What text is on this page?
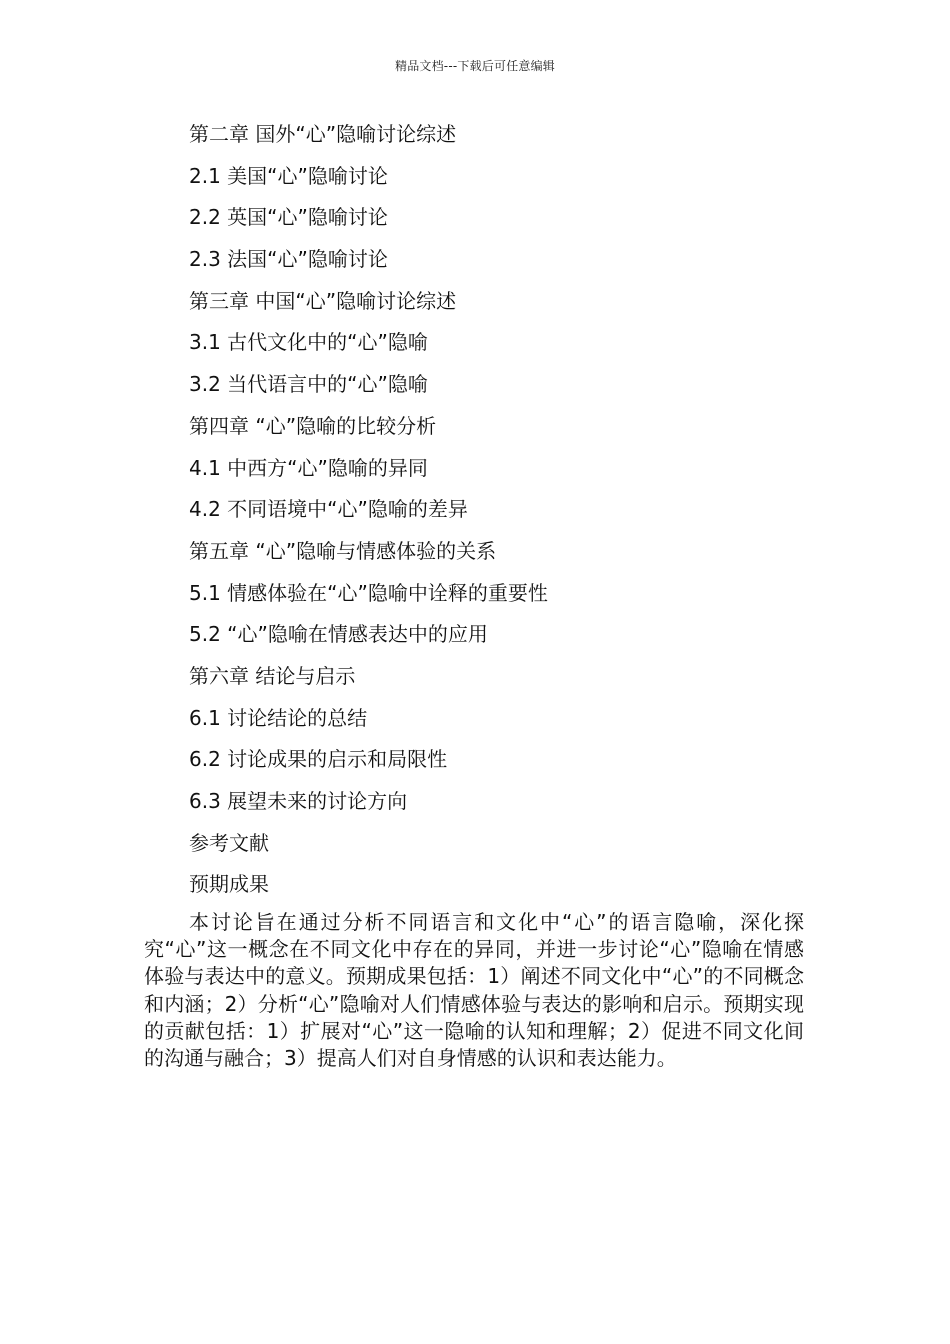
精品文档---下载后可任意编辑
第二章 国外“心”隐喻讨论综述
2.1 美国“心”隐喻讨论
2.2 英国“心”隐喻讨论
2.3 法国“心”隐喻讨论
第三章 中国“心”隐喻讨论综述
3.1 古代文化中的“心”隐喻
3.2 当代语言中的“心”隐喻
第四章 “心”隐喻的比较分析
4.1 中西方“心”隐喻的异同
4.2 不同语境中“心”隐喻的差异
第五章 “心”隐喻与情感体验的关系
5.1 情感体验在“心”隐喻中诠释的重要性
5.2 “心”隐喻在情感表达中的应用
第六章 结论与启示
6.1 讨论结论的总结
6.2 讨论成果的启示和局限性
6.3 展望未来的讨论方向
参考文献
预期成果

本讨论旨在通过分析不同语言和文化中“心”的语言隐喻，深化探究“心”这一概念在不同文化中存在的异同，并进一步讨论“心”隐喻在情感体验与表达中的意义。预期成果包括：1）阐述不同文化中“心”的不同概念和内涵；2）分析“心”隐喻对人们情感体验与表达的影响和启示。预期实现的贡献包括：1）扩展对“心”这一隐喻的认知和理解；2）促进不同文化间的沟通与融合；3）提高人们对自身情感的认识和表达能力。
